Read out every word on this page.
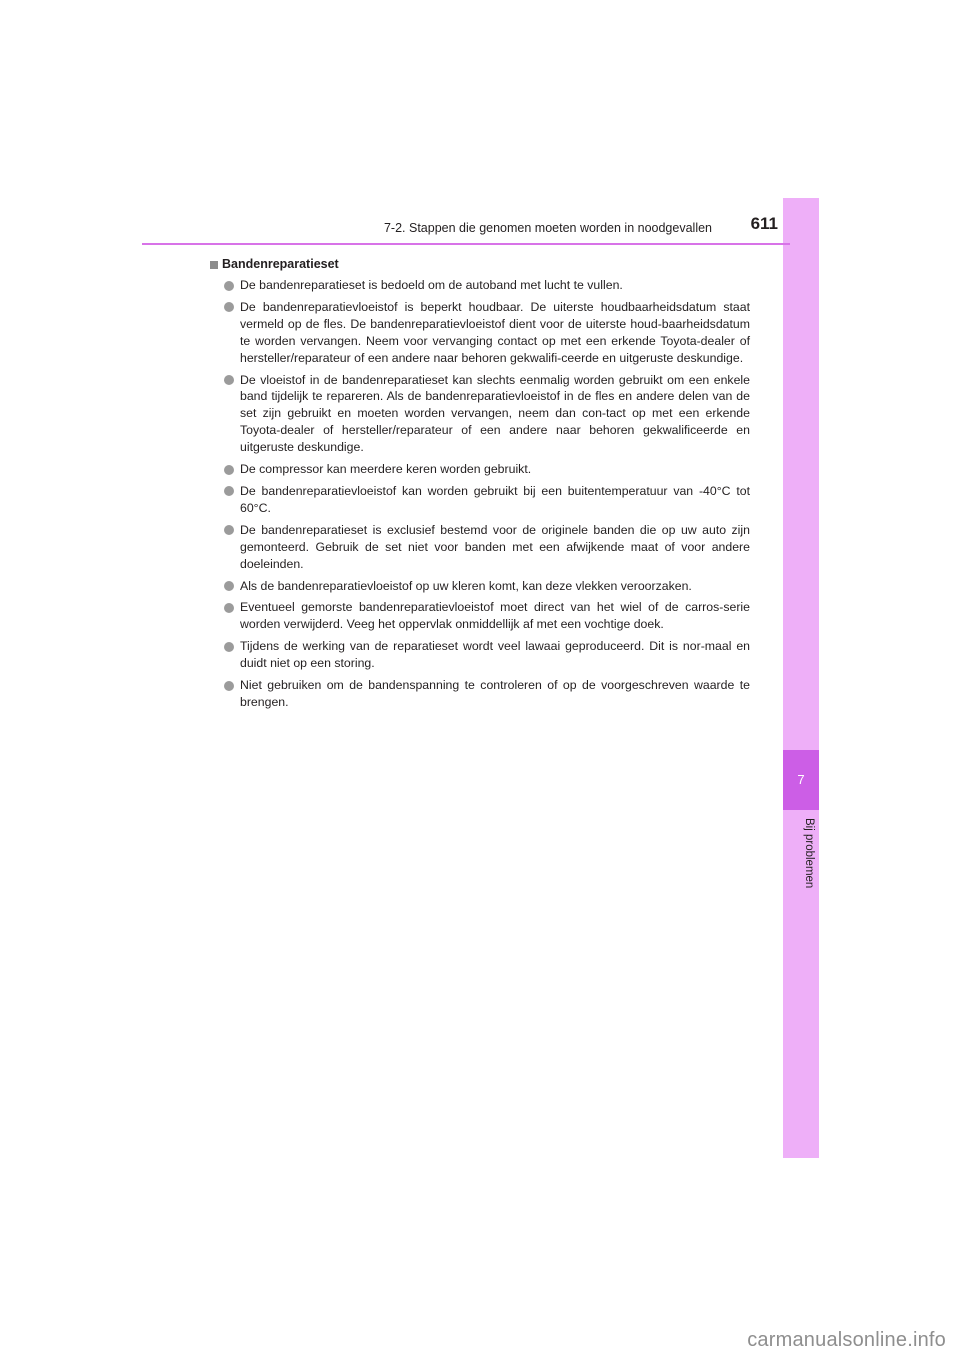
7
Bij problemen
7-2. Stappen die genomen moeten worden in noodgevallen 611
Bandenreparatieset
De bandenreparatieset is bedoeld om de autoband met lucht te vullen.
De bandenreparatievloeistof is beperkt houdbaar. De uiterste houdbaarheidsdatum staat vermeld op de fles. De bandenreparatievloeistof dient voor de uiterste houd-baarheidsdatum te worden vervangen. Neem voor vervanging contact op met een erkende Toyota-dealer of hersteller/reparateur of een andere naar behoren gekwalifi-ceerde en uitgeruste deskundige.
De vloeistof in de bandenreparatieset kan slechts eenmalig worden gebruikt om een enkele band tijdelijk te repareren. Als de bandenreparatievloeistof in de fles en andere delen van de set zijn gebruikt en moeten worden vervangen, neem dan con-tact op met een erkende Toyota-dealer of hersteller/reparateur of een andere naar behoren gekwalificeerde en uitgeruste deskundige.
De compressor kan meerdere keren worden gebruikt.
De bandenreparatievloeistof kan worden gebruikt bij een buitentemperatuur van -40°C tot 60°C.
De bandenreparatieset is exclusief bestemd voor de originele banden die op uw auto zijn gemonteerd. Gebruik de set niet voor banden met een afwijkende maat of voor andere doeleinden.
Als de bandenreparatievloeistof op uw kleren komt, kan deze vlekken veroorzaken.
Eventueel gemorste bandenreparatievloeistof moet direct van het wiel of de carros-serie worden verwijderd. Veeg het oppervlak onmiddellijk af met een vochtige doek.
Tijdens de werking van de reparatieset wordt veel lawaai geproduceerd. Dit is nor-maal en duidt niet op een storing.
Niet gebruiken om de bandenspanning te controleren of op de voorgeschreven waarde te brengen.
carmanualsonline.info
